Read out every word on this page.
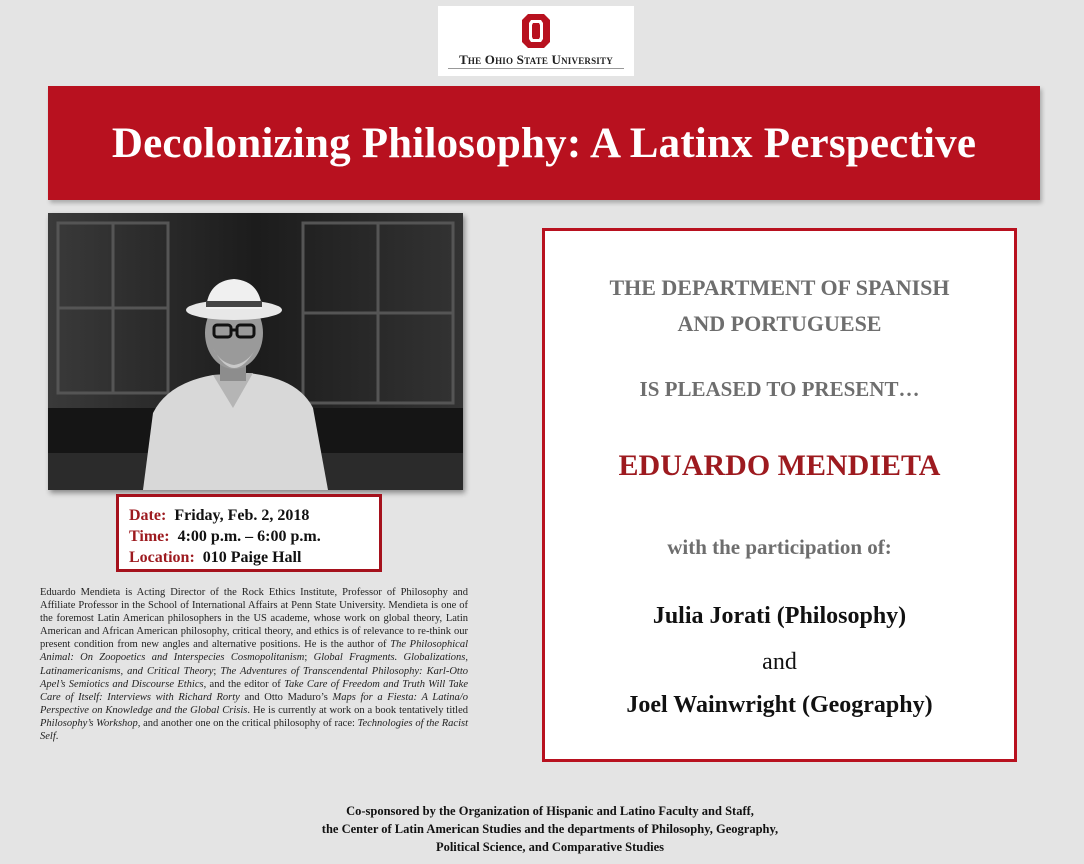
The Ohio State University
Decolonizing Philosophy: A Latinx Perspective
Date: Friday, Feb. 2, 2018
Time: 4:00 p.m. – 6:00 p.m.
Location: 010 Paige Hall
Eduardo Mendieta is Acting Director of the Rock Ethics Institute, Professor of Philosophy and Affiliate Professor in the School of International Affairs at Penn State University. Mendieta is one of the foremost Latin American philosophers in the US academe, whose work on global theory, Latin American and African American philosophy, critical theory, and ethics is of relevance to re-think our present condition from new angles and alternative positions. He is the author of The Philosophical Animal: On Zoopoetics and Interspecies Cosmopolitanism; Global Fragments. Globalizations, Latinamericanisms, and Critical Theory; The Adventures of Transcendental Philosophy: Karl-Otto Apel’s Semiotics and Discourse Ethics, and the editor of Take Care of Freedom and Truth Will Take Care of Itself: Interviews with Richard Rorty and Otto Maduro’s Maps for a Fiesta: A Latina/o Perspective on Knowledge and the Global Crisis. He is currently at work on a book tentatively titled Philosophy’s Workshop, and another one on the critical philosophy of race: Technologies of the Racist Self.
THE DEPARTMENT OF SPANISH
AND PORTUGUESE
IS PLEASED TO PRESENT…
EDUARDO MENDIETA
with the participation of:
Julia Jorati (Philosophy)
and
Joel Wainwright (Geography)
Co-sponsored by the Organization of Hispanic and Latino Faculty and Staff,
the Center of Latin American Studies and the departments of Philosophy, Geography,
Political Science, and Comparative Studies
